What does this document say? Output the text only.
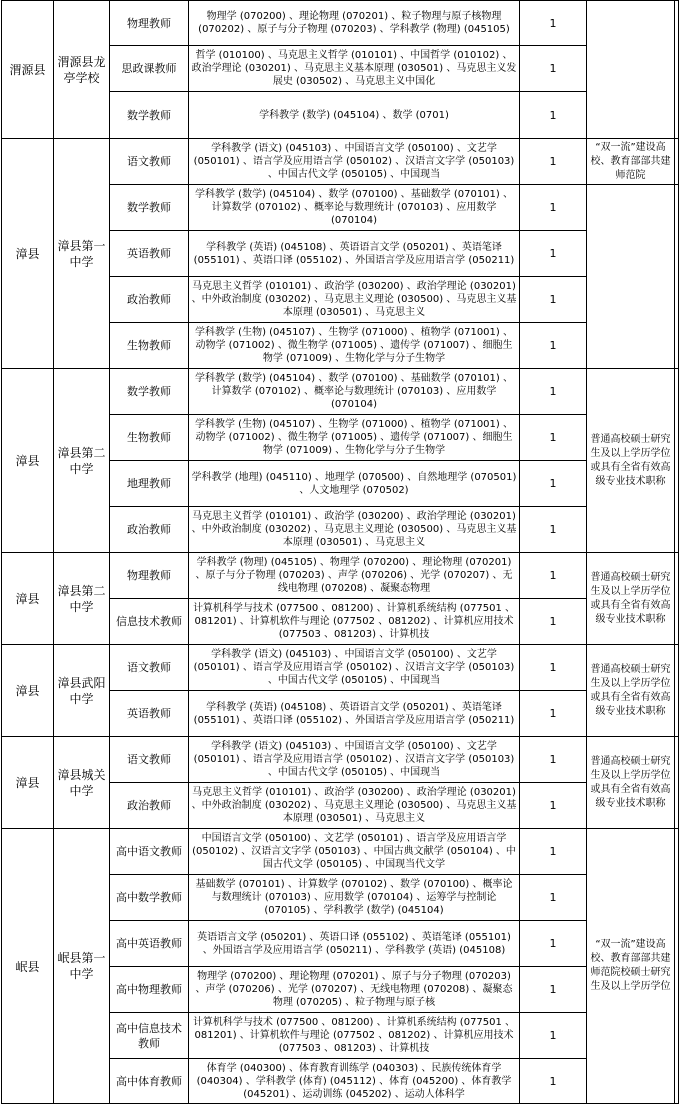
渭源县	渭源县龙亭学校	物理教师	物理学 (070200) 、理论物理 (070201) 、粒子物理与原子核物理 (070202) 、原子与分子物理 (070203) 、学科教学 (物理) (045105)	1		
		思政课教师	哲学 (010100) 、马克思主义哲学 (010101) 、中国哲学 (010102) 、政治学理论 (030201) 、马克思主义基本原理 (030501) 、马克思主义发展史 (030502) 、马克思主义中国化	1		
		数学教师	学科教学 (数学) (045104) 、数学 (0701)	1		
漳县	漳县第一中学	语文教师	学科教学 (语文) (045103) 、中国语言文学 (050100) 、文艺学 (050101) 、语言学及应用语言学 (050102) 、汉语言文字学 (050103) 、中国古代文学 (050105) 、中国现当	1	“双一流”建设高校、教育部部共建师范院	
		数学教师	学科教学 (数学) (045104) 、数学 (070100) 、基础数学 (070101) 、计算数学 (070102) 、概率论与数理统计 (070103) 、应用数学 (070104)	1		
		英语教师	学科教学 (英语) (045108) 、英语语言文学 (050201) 、英语笔译 (055101) 、英语口译 (055102) 、外国语言学及应用语言学 (050211)	1		
		政治教师	马克思主义哲学 (010101) 、政治学 (030200) 、政治学理论 (030201) 、中外政治制度 (030202) 、马克思主义理论 (030500) 、马克思主义基本原理 (030501) 、马克思主义	1		
		生物教师	学科教学 (生物) (045107) 、生物学 (071000) 、植物学 (071001) 、动物学 (071002) 、微生物学 (071005) 、遗传学 (071007) 、细胞生物学 (071009) 、生物化学与分子生物学	1		
漳县	漳县第二中学	数学教师	学科教学 (数学) (045104) 、数学 (070100) 、基础数学 (070101) 、计算数学 (070102) 、概率论与数理统计 (070103) 、应用数学 (070104)	1	普通高校硕士研究生及以上学历学位或具有全省有效高级专业技术职称	
		生物教师	学科教学 (生物) (045107) 、生物学 (071000) 、植物学 (071001) 、动物学 (071002) 、微生物学 (071005) 、遗传学 (071007) 、细胞生物学 (071009) 、生物化学与分子生物学	1		
		地理教师	学科教学 (地理) (045110) 、地理学 (070500) 、自然地理学 (070501) 、人文地理学 (070502)	1		
		政治教师	马克思主义哲学 (010101) 、政治学 (030200) 、政治学理论 (030201) 、中外政治制度 (030202) 、马克思主义理论 (030500) 、马克思主义基本原理 (030501) 、马克思主义	1		
漳县	漳县第二中学	物理教师	学科教学 (物理) (045105) 、物理学 (070200) 、理论物理 (070201) 、原子与分子物理 (070203) 、声学 (070206) 、光学 (070207) 、无线电物理 (070208) 、凝聚态物理	1	普通高校硕士研究生及以上学历学位或具有全省有效高级专业技术职称	
		信息技术教师	计算机科学与技术 (077500 、081200) 、计算机系统结构 (077501 、081201) 、计算机软件与理论 (077502 、081202) 、计算机应用技术 (077503 、081203) 、计算机技	1		
漳县	漳县武阳中学	语文教师	学科教学 (语文) (045103) 、中国语言文学 (050100) 、文艺学 (050101) 、语言学及应用语言学 (050102) 、汉语言文字学 (050103) 、中国古代文学 (050105) 、中国现当	1	普通高校硕士研究生及以上学历学位或具有全省有效高级专业技术职称	
		英语教师	学科教学 (英语) (045108) 、英语语言文学 (050201) 、英语笔译 (055101) 、英语口译 (055102) 、外国语言学及应用语言学 (050211)	1		
漳县	漳县城关中学	语文教师	学科教学 (语文) (045103) 、中国语言文学 (050100) 、文艺学 (050101) 、语言学及应用语言学 (050102) 、汉语言文字学 (050103) 、中国古代文学 (050105) 、中国现当	1	普通高校硕士研究生及以上学历学位或具有全省有效高级专业技术职称	
		政治教师	马克思主义哲学 (010101) 、政治学 (030200) 、政治学理论 (030201) 、中外政治制度 (030202) 、马克思主义理论 (030500) 、马克思主义基本原理 (030501) 、马克思主义	1		
岷县	岷县第一中学	高中语文教师	中国语言文学 (050100) 、文艺学 (050101) 、语言学及应用语言学 (050102) 、汉语言文字学 (050103) 、中国古典文献学 (050104) 、中国古代文学 (050105) 、中国现当代文学	1	“双一流”建设高校、教育部部共建师范院校硕士研究生及以上学历学位	
		高中数学教师	基础数学 (070101) 、计算数学 (070102) 、数学 (070100) 、概率论与数理统计 (070103) 、应用数学 (070104) 、运筹学与控制论 (070105) 、学科教学 (数学) (045104)	1		
		高中英语教师	英语语言文学 (050201) 、英语口译 (055102) 、英语笔译 (055101) 、外国语言学及应用语言学 (050211) 、学科教学 (英语) (045108)	1		
		高中物理教师	物理学 (070200) 、理论物理 (070201) 、原子与分子物理 (070203) 、声学 (070206) 、光学 (070207) 、无线电物理 (070208) 、凝聚态物理 (070205) 、粒子物理与原子核	1		
		高中信息技术教师	计算机科学与技术 (077500 、081200) 、计算机系统结构 (077501 、081201) 、计算机软件与理论 (077502 、081202) 、计算机应用技术 (077503 、081203) 、计算机技	1		
		高中体育教师	体育学 (040300) 、体育教育训练学 (040303) 、民族传统体育学 (040304) 、学科教学 (体育) (045112) 、体育 (045200) 、体育教学 (045201) 、运动训练 (045202) 、运动人体科学	1		
